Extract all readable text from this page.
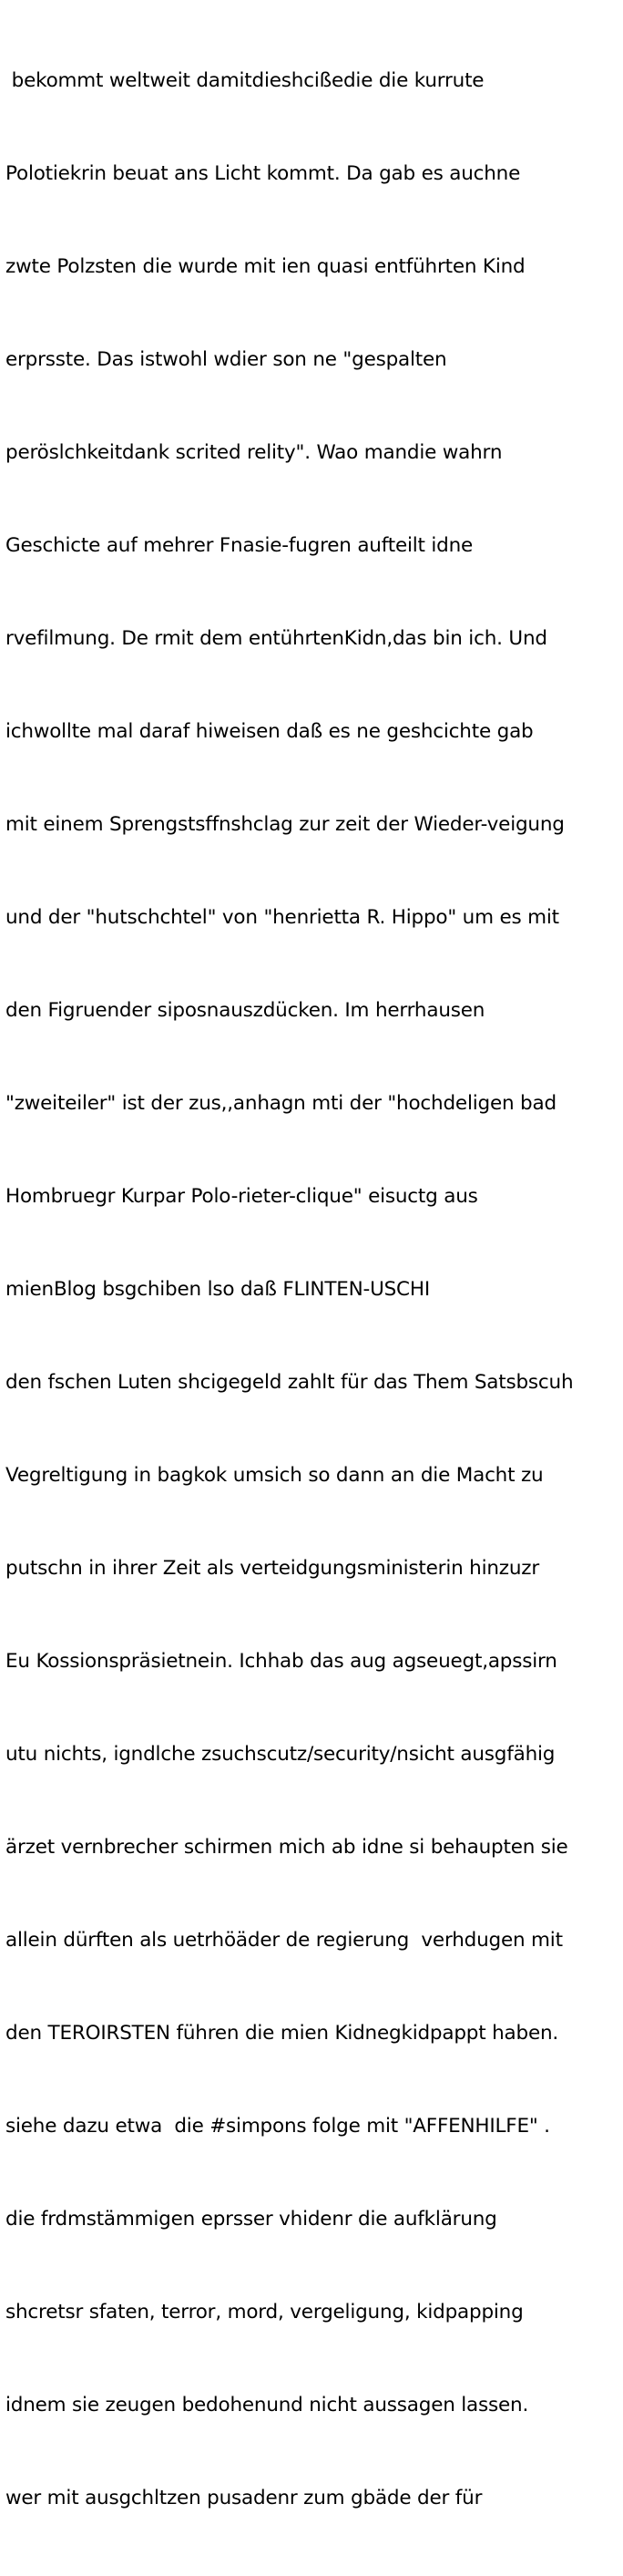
bekommt weltweit damitdieshcißedie die kurrute

Polotiekrin beuat ans Licht kommt. Da gab es auchne

zwte Polzsten die wurde mit ien quasi entführten Kind

erprsste. Das istwohl wdier son ne "gespalten

peröslchkeitdank scrited relity". Wao mandie wahrn

Geschicte auf mehrer Fnasie-fugren aufteilt idne

rvefilmung. De rmit dem entührtenKidn,das bin ich. Und

ichwollte mal daraf hiweisen daß es ne geshcichte gab

mit einem Sprengstsffnshclag zur zeit der Wieder-veigung

und der "hutschchtel" von "henrietta R. Hippo" um es mit

den Figruender siposnauszdücken. Im herrhausen

"zweiteiler" ist der zus,,anhagn mti der "hochdeligen bad

Hombruegr Kurpar Polo-rieter-clique" eisuctg aus

mienBlog bsgchiben lso daß FLINTEN-USCHI

den fschen Luten shcigegeld zahlt für das Them Satsbscuh

Vegreltigung in bagkok umsich so dann an die Macht zu

putschn in ihrer Zeit als verteidgungsministerin hinzuzr

Eu Kossionspräsietnein. Ichhab das aug agseuegt,apssirn

utu nichts, igndlche zsuchscutz/security/nsicht ausgfähig

ärzet vernbrecher schirmen mich ab idne si behaupten sie

allein dürften als uetrhöäder de regierung  verhdugen mit

den TEROIRSTEN führen die mien Kidnegkidpappt haben.

siehe dazu etwa  die #simpons folge mit "AFFENHILFE" .

die frdmstämmigen eprsser vhidenr die aufklärung

shcretsr sfaten, terror, mord, vergeligung, kidpapping

idnem sie zeugen bedohenund nicht aussagen lassen.

wer mit ausgchltzen pusadenr zum gbäde der für
